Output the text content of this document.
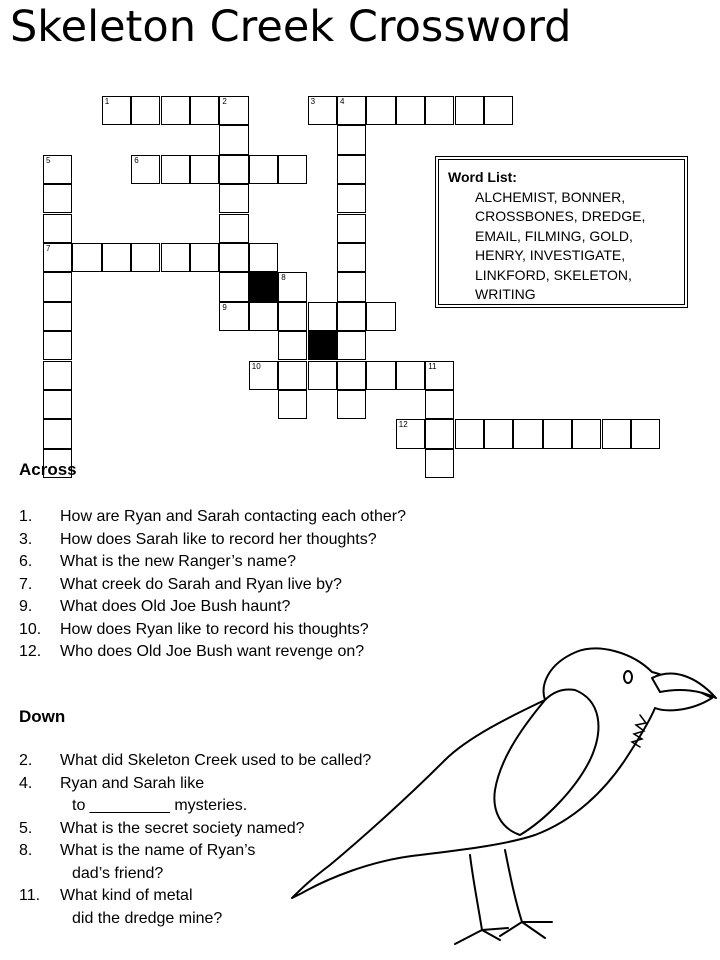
Skeleton Creek Crossword
1	2	3	4
5
7
6
8
9
10	11
12
Word List:
ALCHEMIST, BONNER, CROSSBONES, DREDGE, EMAIL, FILMING, GOLD, HENRY, INVESTIGATE, LINKFORD, SKELETON, WRITING
Across
1. How are Ryan and Sarah contacting each other?
3. How does Sarah like to record her thoughts?
6. What is the new Ranger’s name?
7. What creek do Sarah and Ryan live by?
9. What does Old Joe Bush haunt?
10. How does Ryan like to record his thoughts?
12. Who does Old Joe Bush want revenge on?
Down
2. What did Skeleton Creek used to be called?
4. Ryan and Sarah like
to _________ mysteries.
5. What is the secret society named?
8. What is the name of Ryan’s
dad’s friend?
11. What kind of metal
did the dredge mine?
